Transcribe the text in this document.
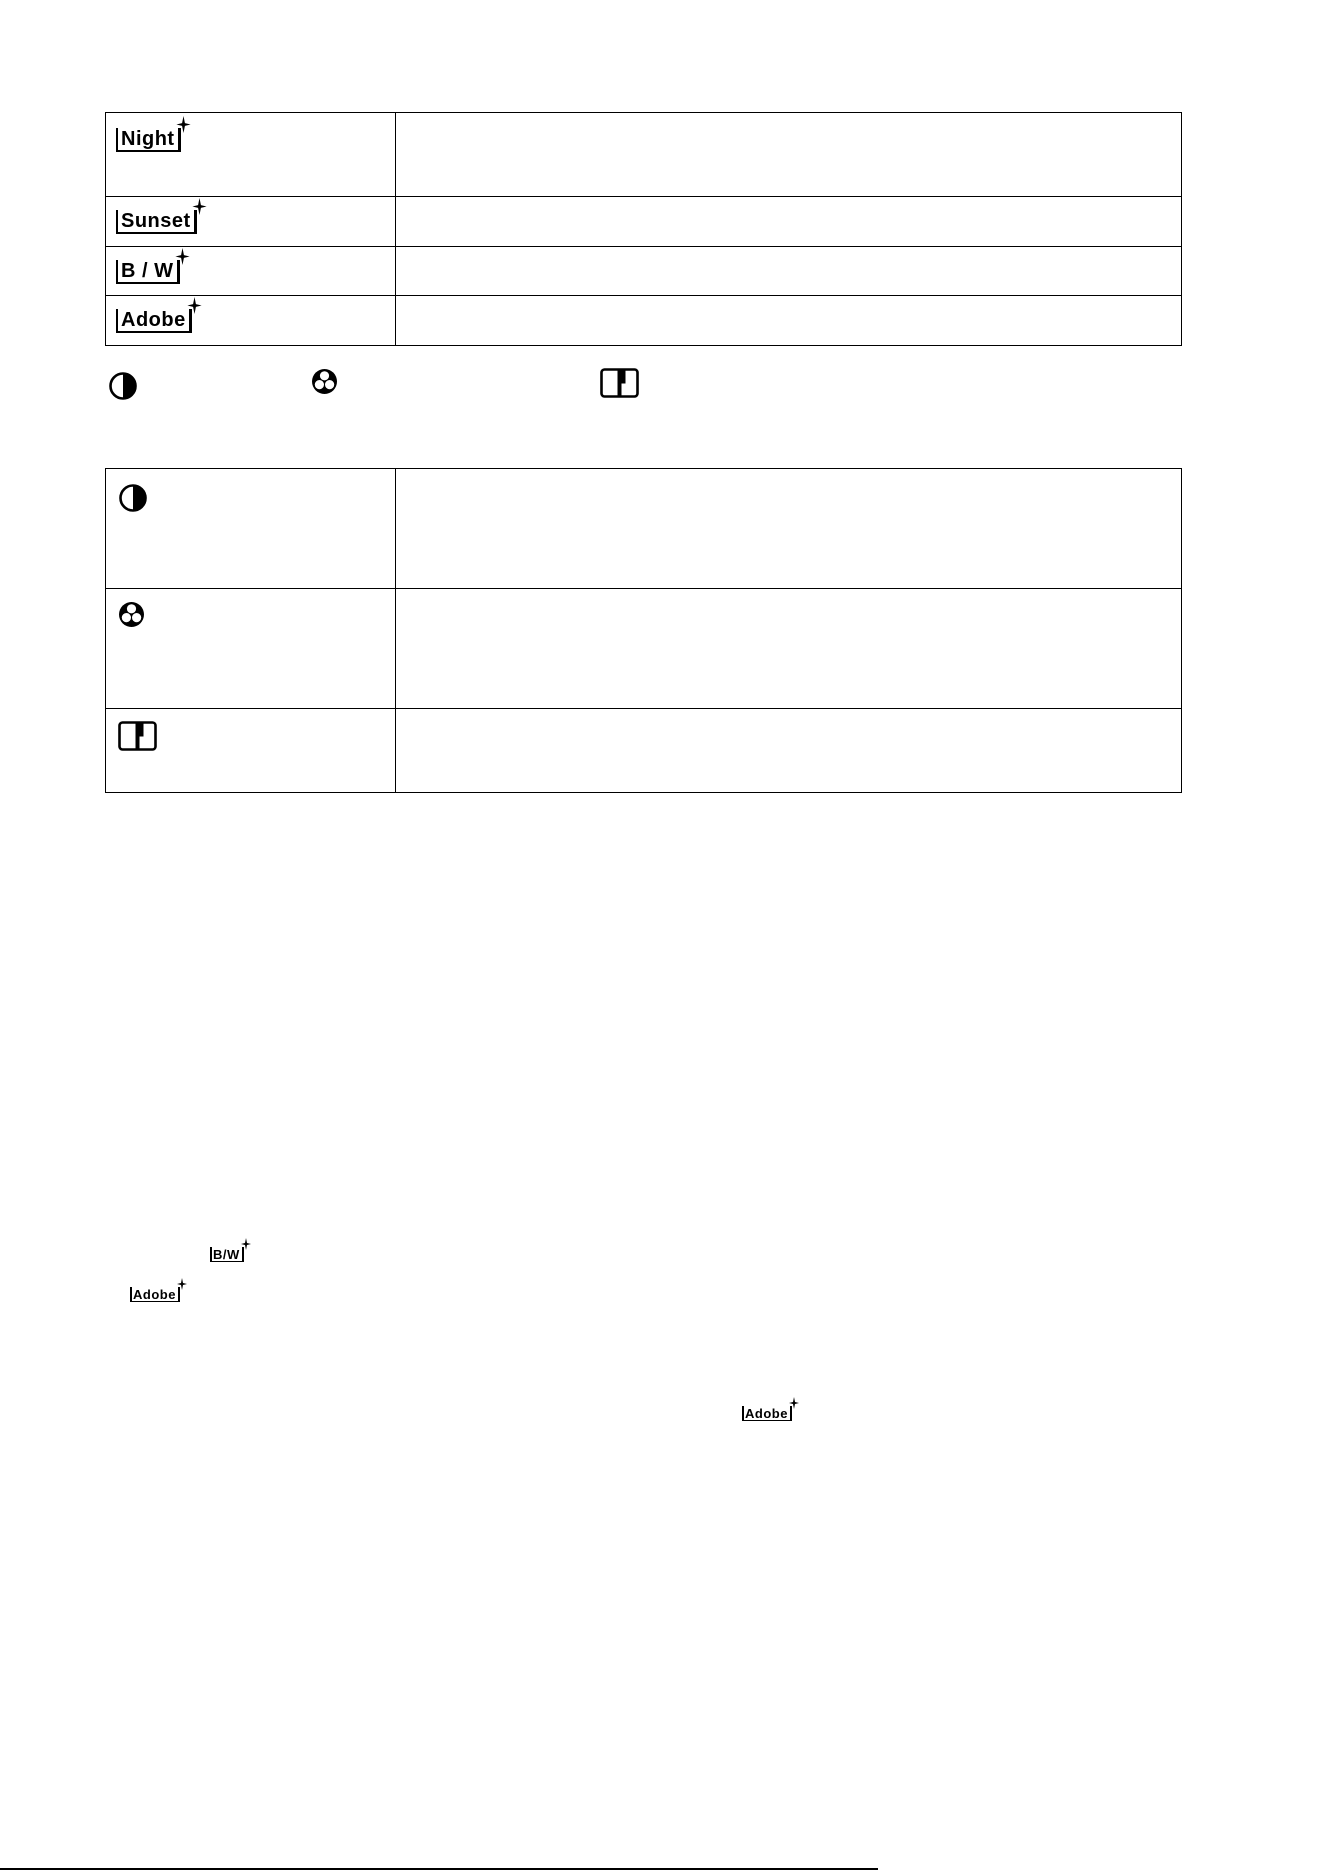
Night	

Sunset	

B / W	

Adobe	

B/W
Adobe
Adobe
